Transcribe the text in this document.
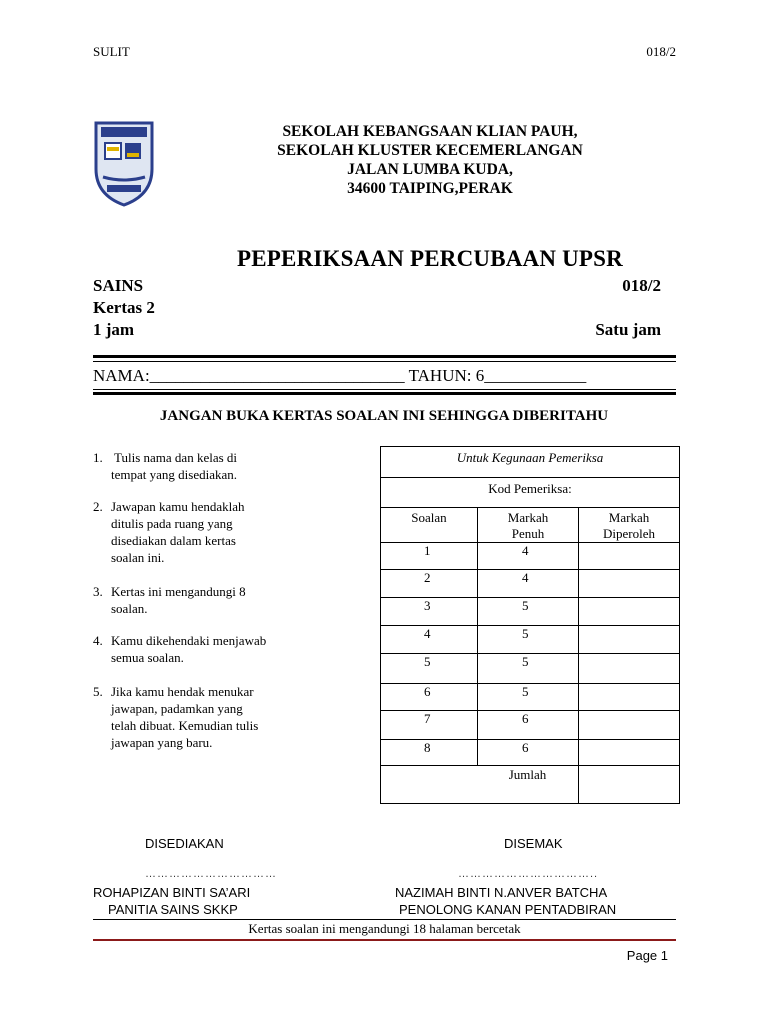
SULIT	018/2
SEKOLAH KEBANGSAAN KLIAN PAUH,
SEKOLAH KLUSTER KECEMERLANGAN
JALAN LUMBA KUDA,
34600 TAIPING,PERAK
PEPERIKSAAN PERCUBAAN UPSR
SAINS	018/2
Kertas 2
1 jam	Satu jam
NAMA:______________________________ TAHUN: 6____________
JANGAN BUKA KERTAS SOALAN INI SEHINGGA DIBERITAHU
1. Tulis nama dan kelas di
tempat yang disediakan.
2. Jawapan kamu hendaklah
ditulis pada ruang yang
disediakan dalam kertas
soalan ini.
3. Kertas ini mengandungi 8
soalan.
4. Kamu dikehendaki menjawab
semua soalan.
5. Jika kamu hendak menukar
jawapan, padamkan yang
telah dibuat. Kemudian tulis
jawapan yang baru.
Untuk Kegunaan Pemeriksa		
Kod Pemeriksa:		
Soalan	Markah Penuh	Markah Diperoleh

1	4	
2	4	
3	5	
4	5	
5	5	
6	5	
7	6	
8	6	
Jumlah		
DISEDIAKAN	DISEMAK
……………………………	……………………………..
ROHAPIZAN BINTI SA’ARI
PANITIA SAINS SKKP
NAZIMAH BINTI N.ANVER BATCHA
PENOLONG KANAN PENTADBIRAN
Kertas soalan ini mengandungi 18 halaman bercetak
Page 1
